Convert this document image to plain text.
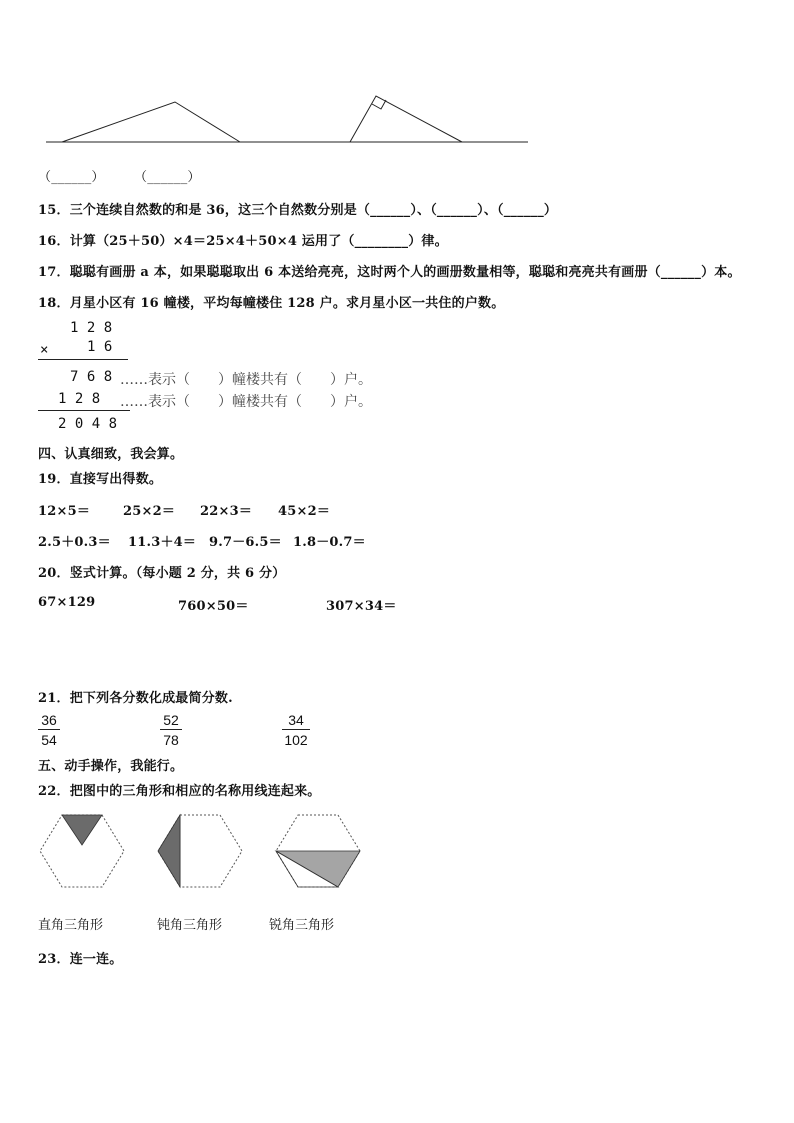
（______） （______）
15．三个连续自然数的和是 36，这三个自然数分别是（______）、（______）、（______）
16．计算（25＋50）×4＝25×4＋50×4 运用了（________）律。
17．聪聪有画册 a 本，如果聪聪取出 6 本送给亮亮，这时两个人的画册数量相等，聪聪和亮亮共有画册（______）本。
18．月星小区有 16 幢楼，平均每幢楼住 128 户。求月星小区一共住的户数。
1 2 8
×	1 6
7 6 8 ……表示（　　）幢楼共有（　　）户。
1 2 8 ……表示（　　）幢楼共有（　　）户。
2 0 4 8
四、认真细致，我会算。
19．直接写出得数。
12×5＝	25×2＝ 22×3＝ 45×2＝
2.5＋0.3＝ 11.3＋4＝ 9.7－6.5＝ 1.8－0.7＝
20．竖式计算。（每小题 2 分，共 6 分）
67×129	760×50＝	307×34＝
21．把下列各分数化成最简分数.
36
54
52
78
34
102
五、动手操作，我能行。
22．把图中的三角形和相应的名称用线连起来。
直角三角形	钝角三角形	锐角三角形
23．连一连。
